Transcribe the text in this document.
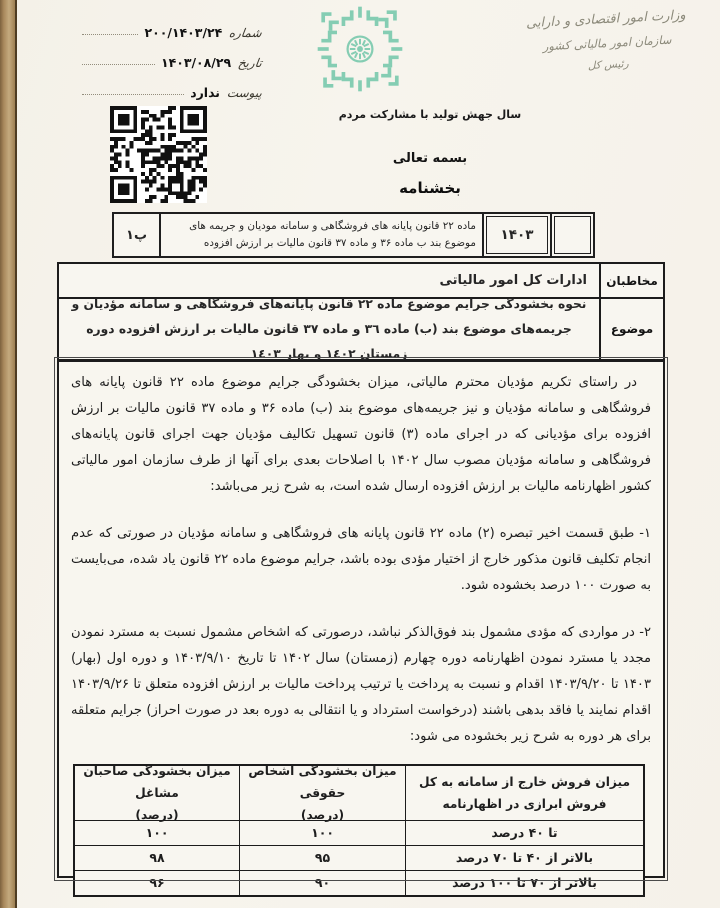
شماره
۲۰۰/۱۴۰۳/۲۴
تاریخ
۱۴۰۳/۰۸/۲۹
پیوست
ندارد
وزارت امور اقتصادی و دارایی
سازمان امور مالیاتی کشور
رئیس کل
سال جهش تولید با مشارکت مردم
بسمه تعالی
بخشنامه
۱۴۰۳
ماده ۲۲ قانون پایانه های فروشگاهی و سامانه مودیان و جریمه های موضوع بند ب ماده ۳۶ و ماده ۳۷ قانون مالیات بر ارزش افزوده
پ۱
مخاطبان
ادارات کل امور مالیاتی
موضوع
نحوه بخشودگی جرایم موضوع ماده ۲۲ قانون پایانه‌های فروشگاهی و سامانه مؤدیان و جریمه‌های موضوع بند (ب) ماده ٣٦ و ماده ٣٧ قانون مالیات بر ارزش افزوده دوره زمستان ١٤٠٢ و بهار ١٤٠٣

در راستای تکریم مؤدیان محترم مالیاتی، میزان بخشودگی جرایم موضوع ماده ۲۲ قانون پایانه های فروشگاهی و سامانه مؤدیان و نیز جریمه‌های موضوع بند (ب) ماده ۳۶ و ماده ۳۷ قانون مالیات بر ارزش افزوده برای مؤدیانی که در اجرای ماده (۳) قانون تسهیل تکالیف مؤدیان جهت اجرای قانون پایانه‌های فروشگاهی و سامانه مؤدیان مصوب سال ۱۴۰۲ با اصلاحات بعدی برای آنها از طرف سازمان امور مالیاتی کشور اظهارنامه مالیات بر ارزش افزوده ارسال شده است، به شرح زیر می‌باشد:

۱- طبق قسمت اخیر تبصره (۲) ماده ۲۲ قانون پایانه های فروشگاهی و سامانه مؤدیان در صورتی که عدم انجام تکلیف قانون مذکور خارج از اختیار مؤدی بوده باشد، جرایم موضوع ماده ۲۲ قانون یاد شده، می‌بایست به صورت ۱۰۰ درصد بخشوده شود.

۲- در مواردی که مؤدی مشمول بند فوق‌الذکر نباشد، درصورتی که اشخاص مشمول نسبت به مسترد نمودن مجدد یا مسترد نمودن اظهارنامه دوره چهارم (زمستان) سال ۱۴۰۲ تا تاریخ ۱۴۰۳/۹/۱۰ و دوره اول (بهار) ۱۴۰۳ تا ۱۴۰۳/۹/۲۰ اقدام و نسبت به پرداخت یا ترتیب پرداخت مالیات بر ارزش افزوده متعلق تا ۱۴۰۳/۹/۲۶ اقدام نمایند یا فاقد بدهی باشند (درخواست استرداد و یا انتقالی به دوره بعد در صورت احراز) جرایم متعلقه برای هر دوره به شرح زیر بخشوده می شود:

میزان فروش خارج از سامانه به کل
فروش ابرازی در اظهارنامه
میزان بخشودگی اشخاص حقوقی
(درصد)
میزان بخشودگی صاحبان مشاغل
(درصد)
تا ۴۰ درصد
۱۰۰
۱۰۰
بالاتر از ۴۰ تا ۷۰ درصد
۹۵
۹۸
بالاتر از ۷۰ تا ۱۰۰ درصد
۹۰
۹۶
